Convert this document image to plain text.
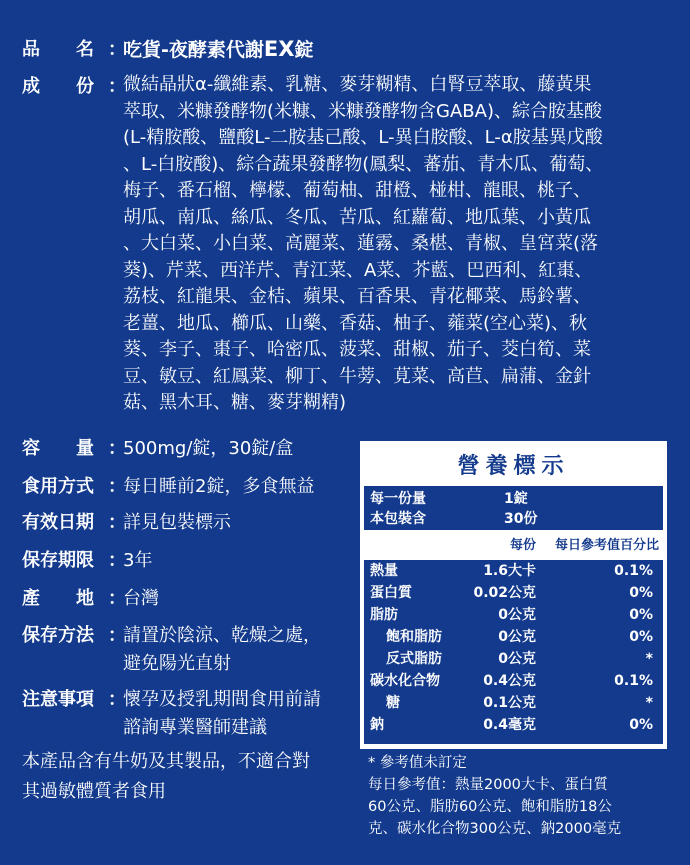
品　　名 ：
吃貨-夜酵素代謝EX錠
成　　份 ：
微結晶狀α-纖維素、乳糖、麥芽糊精、白腎豆萃取、藤黃果
萃取、米糠發酵物(米糠、米糠發酵物含GABA)、綜合胺基酸
(L-精胺酸、鹽酸L-二胺基己酸、L-異白胺酸、L-α胺基異戊酸
、L-白胺酸)、綜合蔬果發酵物(鳳梨、蕃茄、青木瓜、葡萄、
梅子、番石榴、檸檬、葡萄柚、甜橙、椪柑、龍眼、桃子、
胡瓜、南瓜、絲瓜、冬瓜、苦瓜、紅蘿蔔、地瓜葉、小黃瓜
、大白菜、小白菜、高麗菜、蓮霧、桑椹、青椒、皇宮菜(落
葵)、芹菜、西洋芹、青江菜、A菜、芥藍、巴西利、紅棗、
荔枝、紅龍果、金桔、蘋果、百香果、青花椰菜、馬鈴薯、
老薑、地瓜、櫛瓜、山藥、香菇、柚子、蕹菜(空心菜)、秋
葵、李子、棗子、哈密瓜、菠菜、甜椒、茄子、茭白筍、菜
豆、敏豆、紅鳳菜、柳丁、牛蒡、莧菜、高苣、扁蒲、金針
菇、黑木耳、糖、麥芽糊精)
容　　量 ：
500mg/錠，30錠/盒
食用方式 ：
每日睡前2錠，多食無益
有效日期 ：
詳見包裝標示
保存期限 ：
3年
產　　地 ：
台灣
保存方法 ：
請置於陰涼、乾燥之處，
避免陽光直射
注意事項 ：
懷孕及授乳期間食用前請
諮詢專業醫師建議
本產品含有牛奶及其製品，不適合對
其過敏體質者食用
營養標示
每一份量	1錠
本包裝含	30份
每份 每日參考值百分比
熱量	1.6大卡	0.1%
蛋白質	0.02公克	0%
脂肪	0公克	0%
飽和脂肪	0公克	0%
反式脂肪	0公克	*
碳水化合物	0.4公克	0.1%
糖	0.1公克	*
鈉	0.4毫克	0%
* 參考值未訂定
每日參考值：熱量2000大卡、蛋白質
60公克、脂肪60公克、飽和脂肪18公
克、碳水化合物300公克、鈉2000毫克
